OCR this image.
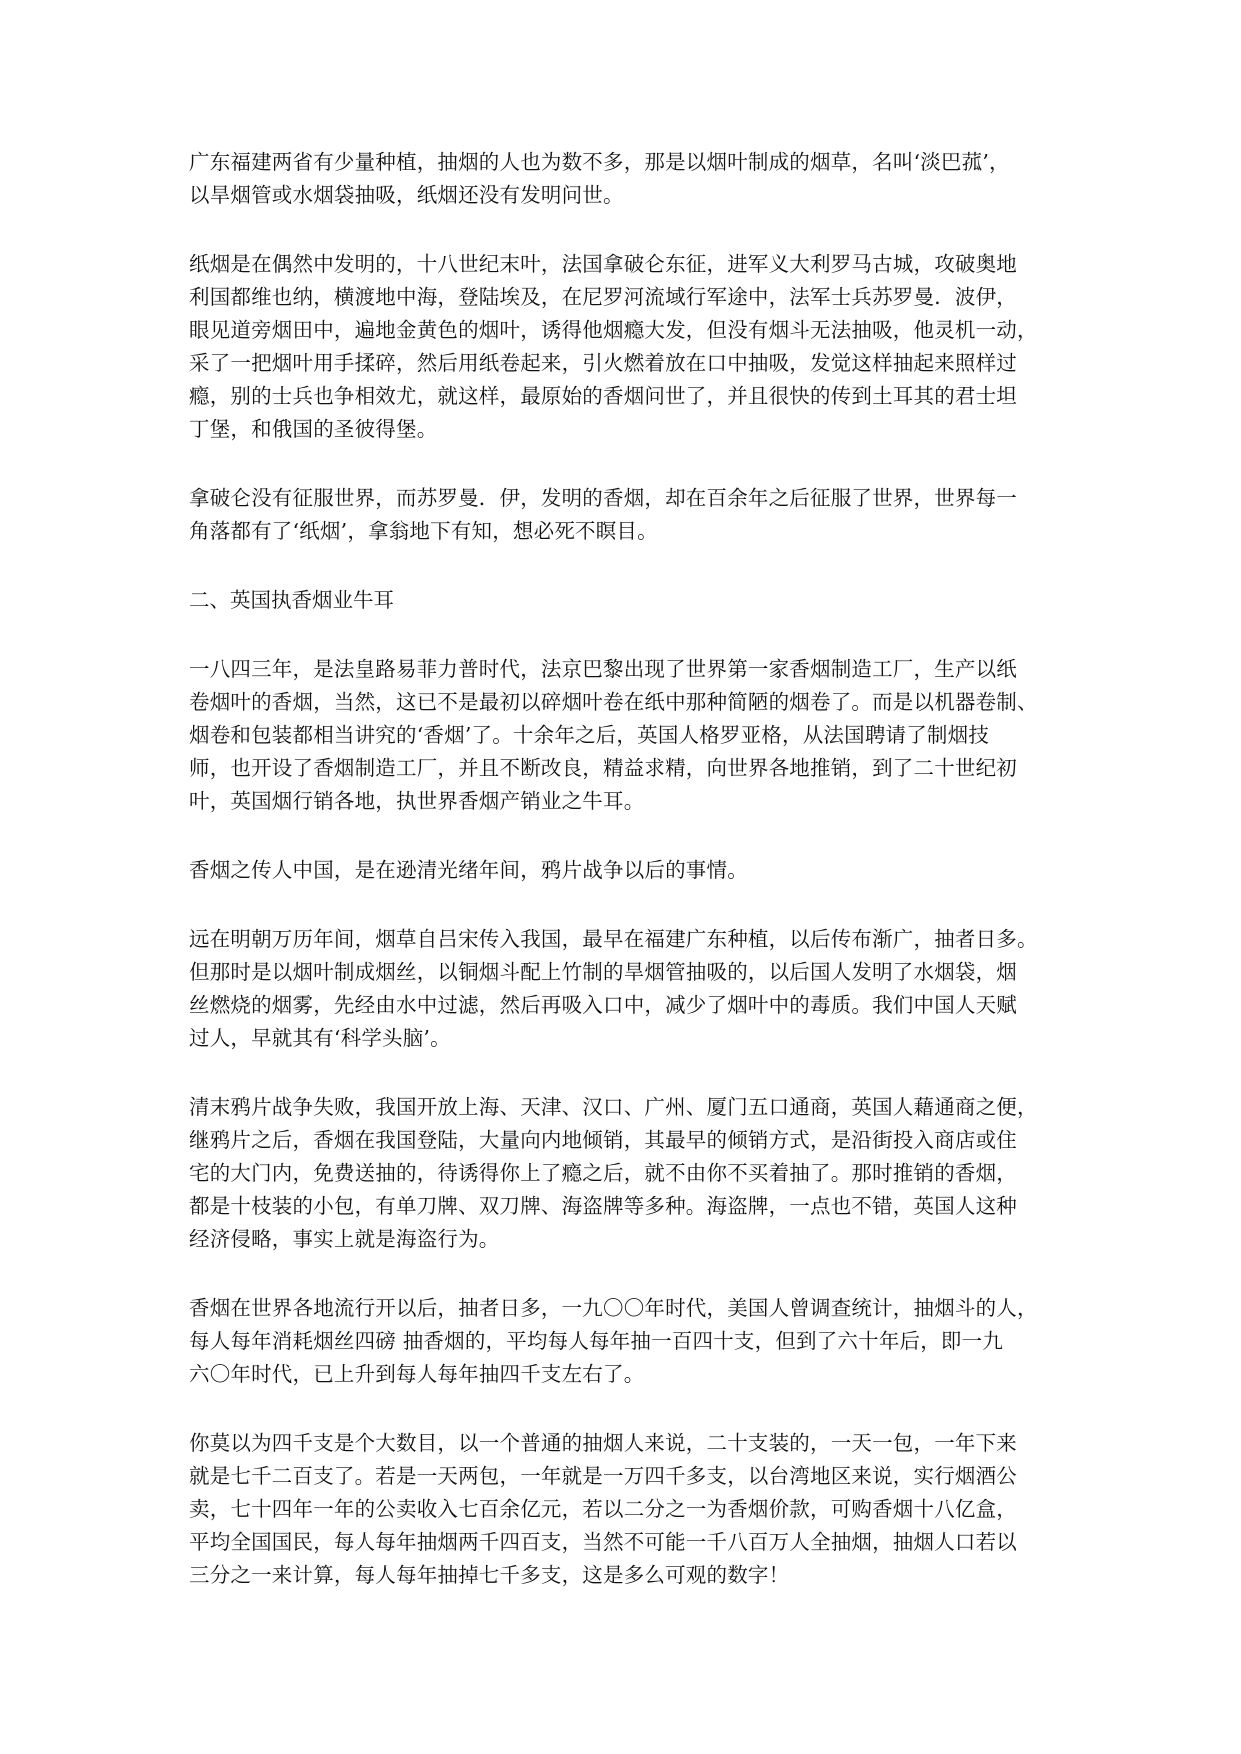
广东福建两省有少量种植，抽烟的人也为数不多，那是以烟叶制成的烟草，名叫‘淡巴菰’，
以旱烟管或水烟袋抽吸，纸烟还没有发明问世。

纸烟是在偶然中发明的，十八世纪末叶，法国拿破仑东征，进军义大利罗马古城，攻破奥地
利国都维也纳，横渡地中海，登陆埃及，在尼罗河流域行军途中，法军士兵苏罗曼．波伊，
眼见道旁烟田中，遍地金黄色的烟叶，诱得他烟瘾大发，但没有烟斗无法抽吸，他灵机一动，
采了一把烟叶用手揉碎，然后用纸卷起来，引火燃着放在口中抽吸，发觉这样抽起来照样过
瘾，别的士兵也争相效尤，就这样，最原始的香烟问世了，并且很快的传到土耳其的君士坦
丁堡，和俄国的圣彼得堡。

拿破仑没有征服世界，而苏罗曼．伊，发明的香烟，却在百余年之后征服了世界，世界每一
角落都有了‘纸烟’，拿翁地下有知，想必死不瞑目。

二、英国执香烟业牛耳

一八四三年，是法皇路易菲力普时代，法京巴黎出现了世界第一家香烟制造工厂，生产以纸
卷烟叶的香烟，当然，这已不是最初以碎烟叶卷在纸中那种简陋的烟卷了。而是以机器卷制、
烟卷和包装都相当讲究的‘香烟’了。十余年之后，英国人格罗亚格，从法国聘请了制烟技
师，也开设了香烟制造工厂，并且不断改良，精益求精，向世界各地推销，到了二十世纪初
叶，英国烟行销各地，执世界香烟产销业之牛耳。

香烟之传人中国，是在逊清光绪年间，鸦片战争以后的事情。

远在明朝万历年间，烟草自吕宋传入我国，最早在福建广东种植，以后传布渐广，抽者日多。
但那时是以烟叶制成烟丝，以铜烟斗配上竹制的旱烟管抽吸的，以后国人发明了水烟袋，烟
丝燃烧的烟雾，先经由水中过滤，然后再吸入口中，减少了烟叶中的毒质。我们中国人天赋
过人，早就其有‘科学头脑’。

清末鸦片战争失败，我国开放上海、天津、汉口、广州、厦门五口通商，英国人藉通商之便，
继鸦片之后，香烟在我国登陆，大量向内地倾销，其最早的倾销方式，是沿街投入商店或住
宅的大门内，免费送抽的，待诱得你上了瘾之后，就不由你不买着抽了。那时推销的香烟，
都是十枝装的小包，有单刀牌、双刀牌、海盗牌等多种。海盗牌，一点也不错，英国人这种
经济侵略，事实上就是海盗行为。

香烟在世界各地流行开以后，抽者日多，一九〇〇年时代，美国人曾调查统计，抽烟斗的人，
每人每年消耗烟丝四磅 抽香烟的，平均每人每年抽一百四十支，但到了六十年后，即一九
六〇年时代，已上升到每人每年抽四千支左右了。

你莫以为四千支是个大数目，以一个普通的抽烟人来说，二十支装的，一天一包，一年下来
就是七千二百支了。若是一天两包，一年就是一万四千多支，以台湾地区来说，实行烟酒公
卖，七十四年一年的公卖收入七百余亿元，若以二分之一为香烟价款，可购香烟十八亿盒，
平均全国国民，每人每年抽烟两千四百支，当然不可能一千八百万人全抽烟，抽烟人口若以
三分之一来计算，每人每年抽掉七千多支，这是多么可观的数字！
